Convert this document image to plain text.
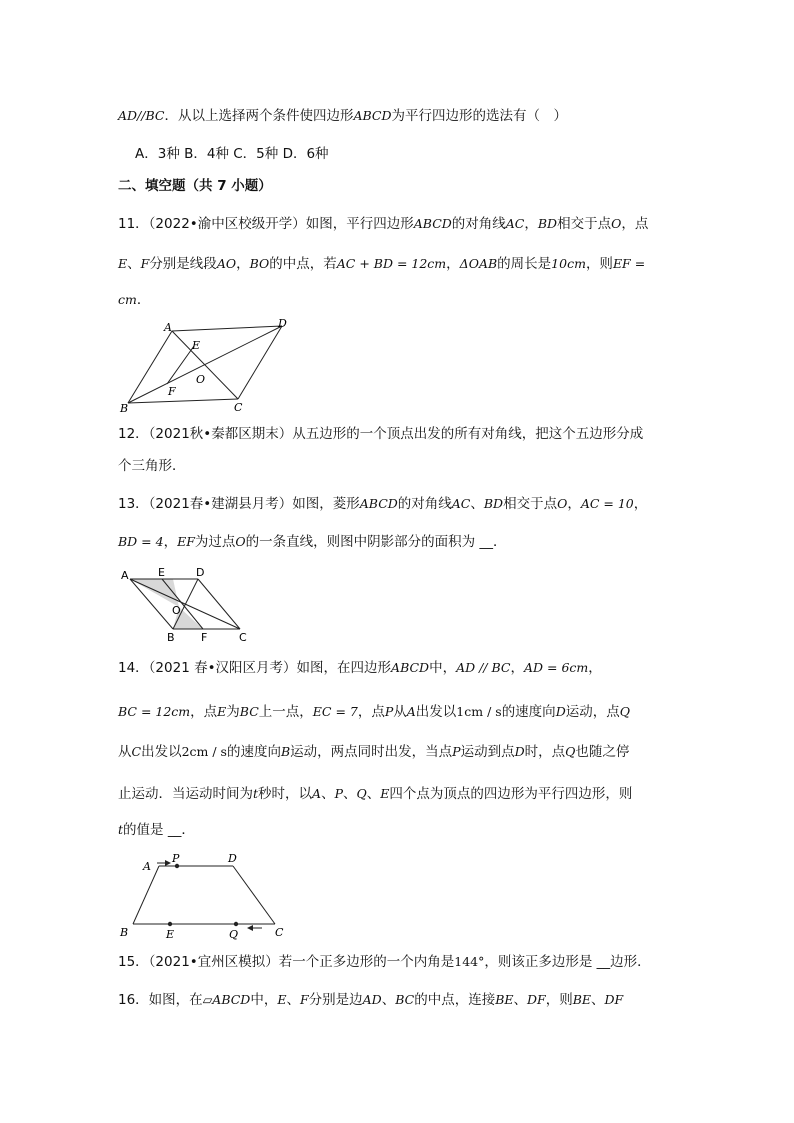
AD//BC．从以上选择两个条件使四边形ABCD为平行四边形的选法有（　）
A．3种 B．4种 C．5种 D．6种
二、填空题（共 7 小题）
11．（2022•渝中区校级开学）如图，平行四边形ABCD的对角线AC，BD相交于点O，点
E、F分别是线段AO，BO的中点，若AC + BD = 12cm，ΔOAB的周长是10cm，则EF =
cm．
A	D
E
O
F
B	C
12．（2021秋•秦都区期末）从五边形的一个顶点出发的所有对角线，把这个五边形分成
个三角形．
13．（2021春•建湖县月考）如图，菱形ABCD的对角线AC、BD相交于点O，AC = 10，
BD = 4，EF为过点O的一条直线，则图中阴影部分的面积为 __．
A	E	D
O
B F	C
14．（2021 春•汉阳区月考）如图，在四边形ABCD中，AD // BC，AD = 6cm，
BC = 12cm，点E为BC上一点，EC = 7，点P从A出发以1cm / s的速度向D运动，点Q
从C出发以2cm / s的速度向B运动，两点同时出发，当点P运动到点D时，点Q也随之停
止运动．当运动时间为t秒时，以A、P、Q、E四个点为顶点的四边形为平行四边形，则
t的值是 __．
A
P	D
B	E	Q	C
15．（2021•宜州区模拟）若一个正多边形的一个内角是144°，则该正多边形是 __边形．
16．如图，在▱ABCD中，E、F分别是边AD、BC的中点，连接BE、DF，则BE、DF
